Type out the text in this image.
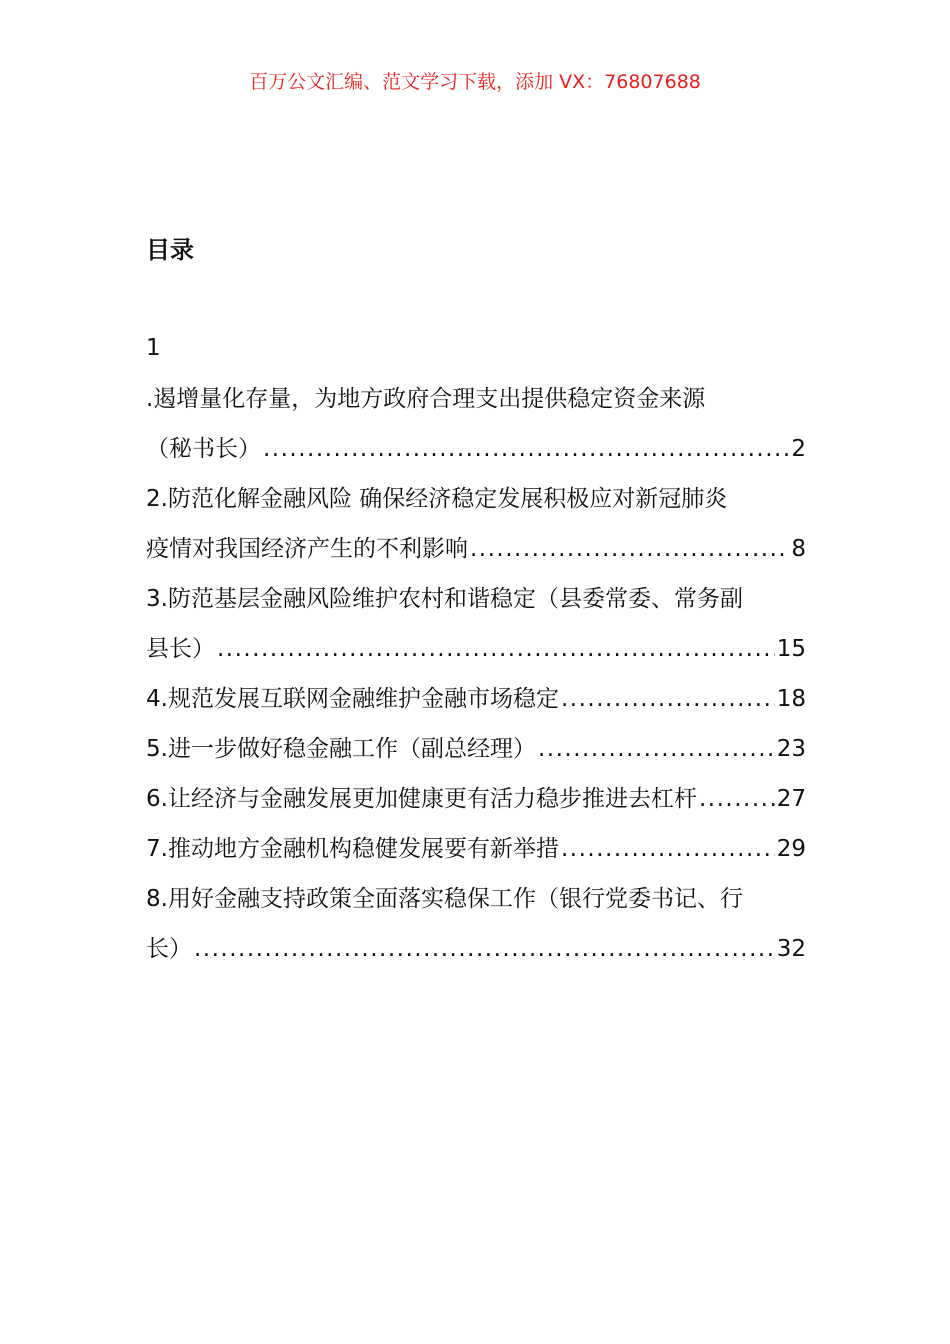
百万公文汇编、范文学习下载，添加 VX：76807688
目录
1
.遏增量化存量，为地方政府合理支出提供稳定资金来源
（秘书长） .....	2
2.防范化解金融风险 确保经济稳定发展积极应对新冠肺炎
疫情对我国经济产生的不利影响 .....	8
3.防范基层金融风险维护农村和谐稳定（县委常委、常务副
县长） .....	15
4.规范发展互联网金融维护金融市场稳定 .....	18
5.进一步做好稳金融工作（副总经理） .....	23
6.让经济与金融发展更加健康更有活力稳步推进去杠杆 .....	27
7.推动地方金融机构稳健发展要有新举措 .....	29
8.用好金融支持政策全面落实稳保工作（银行党委书记、行
长） .....	32
